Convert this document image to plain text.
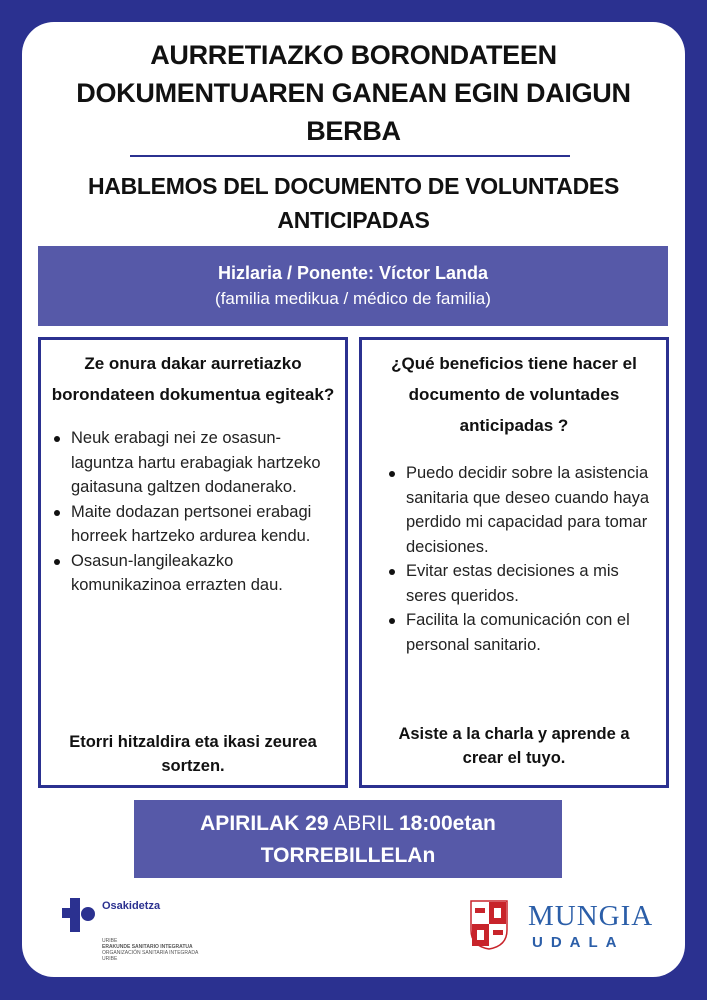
AURRETIAZKO BORONDATEEN
DOKUMENTUAREN GANEAN EGIN DAIGUN
BERBA
HABLEMOS DEL DOCUMENTO DE VOLUNTADES
ANTICIPADAS
Hizlaria / Ponente: Víctor Landa
(familia medikua / médico de familia)
Ze onura dakar aurretiazko borondateen dokumentua egiteak?
Neuk erabagi nei ze osasun-laguntza hartu erabagiak hartzeko gaitasuna galtzen dodanerako.
Maite dodazan pertsonei erabagi horreek hartzeko ardurea kendu.
Osasun-langileakazko komunikazinoa errazten dau.
Etorri hitzaldira eta ikasi zeurea sortzen.
¿Qué beneficios tiene hacer el documento de voluntades anticipadas ?
Puedo decidir sobre la asistencia sanitaria que deseo cuando haya perdido mi capacidad para tomar decisiones.
Evitar estas decisiones a mis seres queridos.
Facilita la comunicación con el personal sanitario.
Asiste a la charla y aprende a crear el tuyo.
APIRILAK 29 ABRIL 18:00etan
TORREBILLELAn
Osakidetza
URIBE
ERAKUNDE SANITARIO INTEGRATUA
ORGANIZACIÓN SANITARIA INTEGRADA
URIBE
MUNGIA
UDALA
